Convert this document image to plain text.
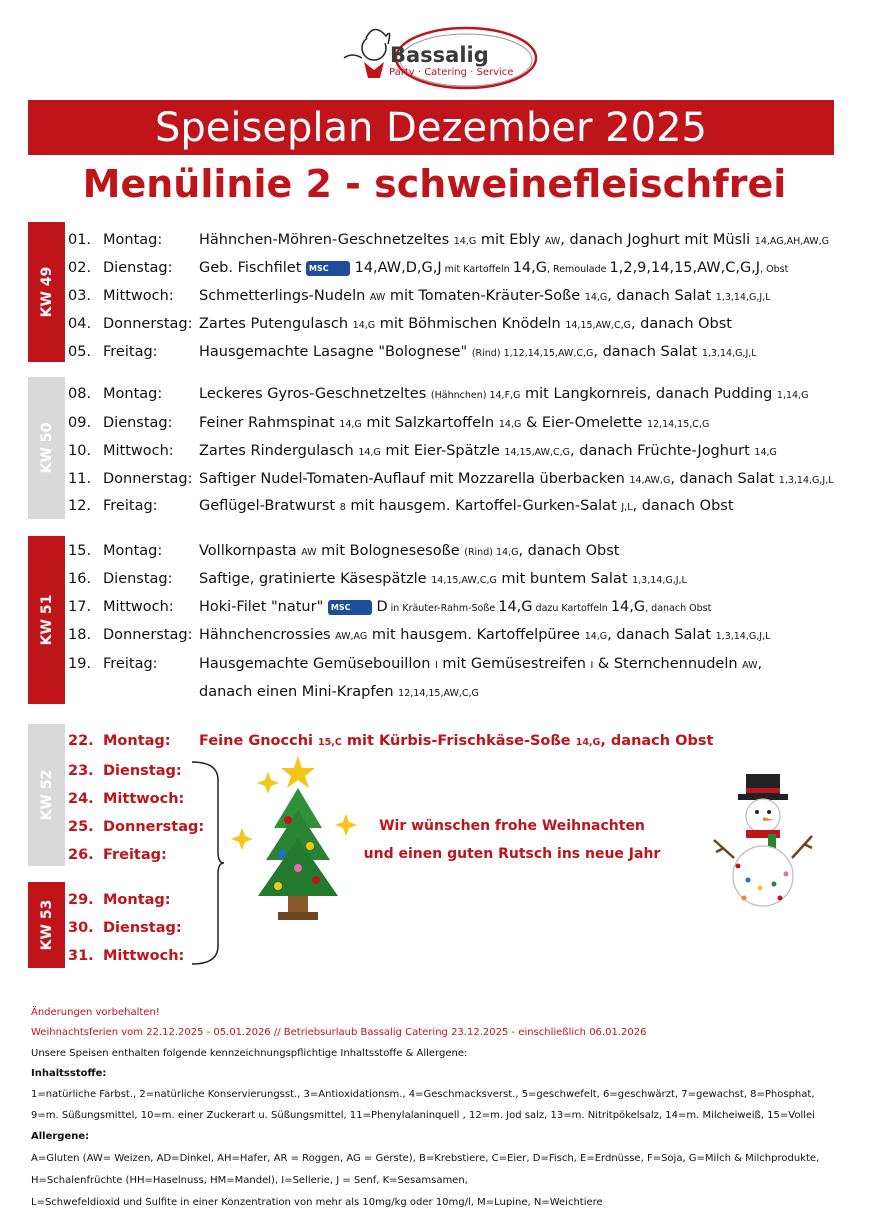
Bassalig
Party · Catering · Service
Speiseplan Dezember 2025
Menülinie 2 - schweinefleischfrei
KW 49
KW 50
KW 51
KW 52
KW 53
01. Montag:	Hähnchen-Möhren-Geschnetzeltes 14,G mit Ebly AW, danach Joghurt mit Müsli 14,AG,AH,AW,G
02. Dienstag: Geb. Fischfilet MSC 14,AW,D,G,J mit Kartoffeln 14,G, Remoulade 1,2,9,14,15,AW,C,G,J, Obst
03. Mittwoch: Schmetterlings-Nudeln AW mit Tomaten-Kräuter-Soße 14,G, danach Salat 1,3,14,G,J,L
04. Donnerstag: Zartes Putengulasch 14,G mit Böhmischen Knödeln 14,15,AW,C,G, danach Obst
05. Freitag:	Hausgemachte Lasagne "Bolognese" (Rind) 1,12,14,15,AW,C,G, danach Salat 1,3,14,G,J,L
08. Montag:	Leckeres Gyros-Geschnetzeltes (Hähnchen) 14,F,G mit Langkornreis, danach Pudding 1,14,G
09. Dienstag: Feiner Rahmspinat 14,G mit Salzkartoffeln 14,G & Eier-Omelette 12,14,15,C,G
10. Mittwoch: Zartes Rindergulasch 14,G mit Eier-Spätzle 14,15,AW,C,G, danach Früchte-Joghurt 14,G
11. Donnerstag: Saftiger Nudel-Tomaten-Auflauf mit Mozzarella überbacken 14,AW,G, danach Salat 1,3,14,G,J,L
12. Freitag:	Geflügel-Bratwurst 8 mit hausgem. Kartoffel-Gurken-Salat J,L, danach Obst
15. Montag:	Vollkornpasta AW mit Bolognesesoße (Rind) 14,G, danach Obst
16. Dienstag: Saftige, gratinierte Käsespätzle 14,15,AW,C,G mit buntem Salat 1,3,14,G,J,L
17. Mittwoch: Hoki-Filet "natur" MSC D in Kräuter-Rahm-Soße 14,G dazu Kartoffeln 14,G, danach Obst
18. Donnerstag: Hähnchencrossies AW,AG mit hausgem. Kartoffelpüree 14,G, danach Salat 1,3,14,G,J,L
19. Freitag:	Hausgemachte Gemüsebouillon I mit Gemüsestreifen I & Sternchennudeln AW,
danach einen Mini-Krapfen 12,14,15,AW,C,G
22. Montag: Feine Gnocchi 15,C mit Kürbis-Frischkäse-Soße 14,G, danach Obst
23. Dienstag:
24. Mittwoch:
25. Donnerstag:
26. Freitag:
29. Montag:
30. Dienstag:
31. Mittwoch:
Wir wünschen frohe Weihnachten
und einen guten Rutsch ins neue Jahr
Änderungen vorbehalten!
Weihnachtsferien vom 22.12.2025 - 05.01.2026 // Betriebsurlaub Bassalig Catering 23.12.2025 - einschließlich 06.01.2026
Unsere Speisen enthalten folgende kennzeichnungspflichtige Inhaltsstoffe & Allergene:
Inhaltsstoffe:
1=natürliche Farbst., 2=natürliche Konservierungsst., 3=Antioxidationsm., 4=Geschmacksverst., 5=geschwefelt, 6=geschwärzt, 7=gewachst, 8=Phosphat,
9=m. Süßungsmittel, 10=m. einer Zuckerart u. Süßungsmittel, 11=Phenylalaninquell , 12=m. Jod salz, 13=m. Nitritpökelsalz, 14=m. Milcheiweiß, 15=Vollei
Allergene:
A=Gluten (AW= Weizen, AD=Dinkel, AH=Hafer, AR = Roggen, AG = Gerste), B=Krebstiere, C=Eier, D=Fisch, E=Erdnüsse, F=Soja, G=Milch & Milchprodukte,
H=Schalenfrüchte (HH=Haselnuss, HM=Mandel), I=Sellerie, J = Senf, K=Sesamsamen,
L=Schwefeldioxid und Sulfite in einer Konzentration von mehr als 10mg/kg oder 10mg/l, M=Lupine, N=Weichtiere
